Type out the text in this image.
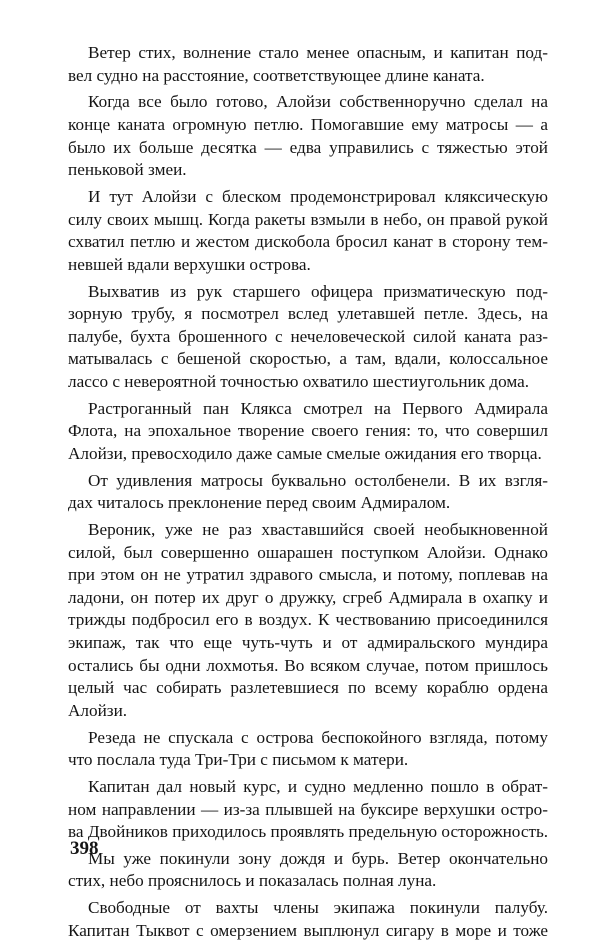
Ветер стих, волнение стало менее опасным, и капитан под-
вел судно на расстояние, соответствующее длине каната.
Когда все было готово, Алойзи собственноручно сделал на
конце каната огромную петлю. Помогавшие ему матросы — а
было их больше десятка — едва управились с тяжестью этой
пеньковой змеи.
И тут Алойзи с блеском продемонстрировал кляксическую
силу своих мышц. Когда ракеты взмыли в небо, он правой рукой
схватил петлю и жестом дискобола бросил канат в сторону тем-
невшей вдали верхушки острова.
Выхватив из рук старшего офицера призматическую под-
зорную трубу, я посмотрел вслед улетавшей петле. Здесь, на
палубе, бухта брошенного с нечеловеческой силой каната раз-
матывалась с бешеной скоростью, а там, вдали, колоссальное
лассо с невероятной точностью охватило шестиугольник дома.
Растроганный пан Клякса смотрел на Первого Адмирала
Флота, на эпохальное творение своего гения: то, что совершил
Алойзи, превосходило даже самые смелые ожидания его творца.
От удивления матросы буквально остолбенели. В их взгля-
дах читалось преклонение перед своим Адмиралом.
Вероник, уже не раз хваставшийся своей необыкновенной
силой, был совершенно ошарашен поступком Алойзи. Однако
при этом он не утратил здравого смысла, и потому, поплевав на
ладони, он потер их друг о дружку, сгреб Адмирала в охапку и
трижды подбросил его в воздух. К чествованию присоединился
экипаж, так что еще чуть-чуть и от адмиральского мундира
остались бы одни лохмотья. Во всяком случае, потом пришлось
целый час собирать разлетевшиеся по всему кораблю ордена
Алойзи.
Резеда не спускала с острова беспокойного взгляда, потому
что послала туда Три-Три с письмом к матери.
Капитан дал новый курс, и судно медленно пошло в обрат-
ном направлении — из-за плывшей на буксире верхушки остро-
ва Двойников приходилось проявлять предельную осторожность.
Мы уже покинули зону дождя и бурь. Ветер окончательно
стих, небо прояснилось и показалась полная луна.
Свободные от вахты члены экипажа покинули палубу.
Капитан Тыквот с омерзением выплюнул сигару в море и тоже
398
